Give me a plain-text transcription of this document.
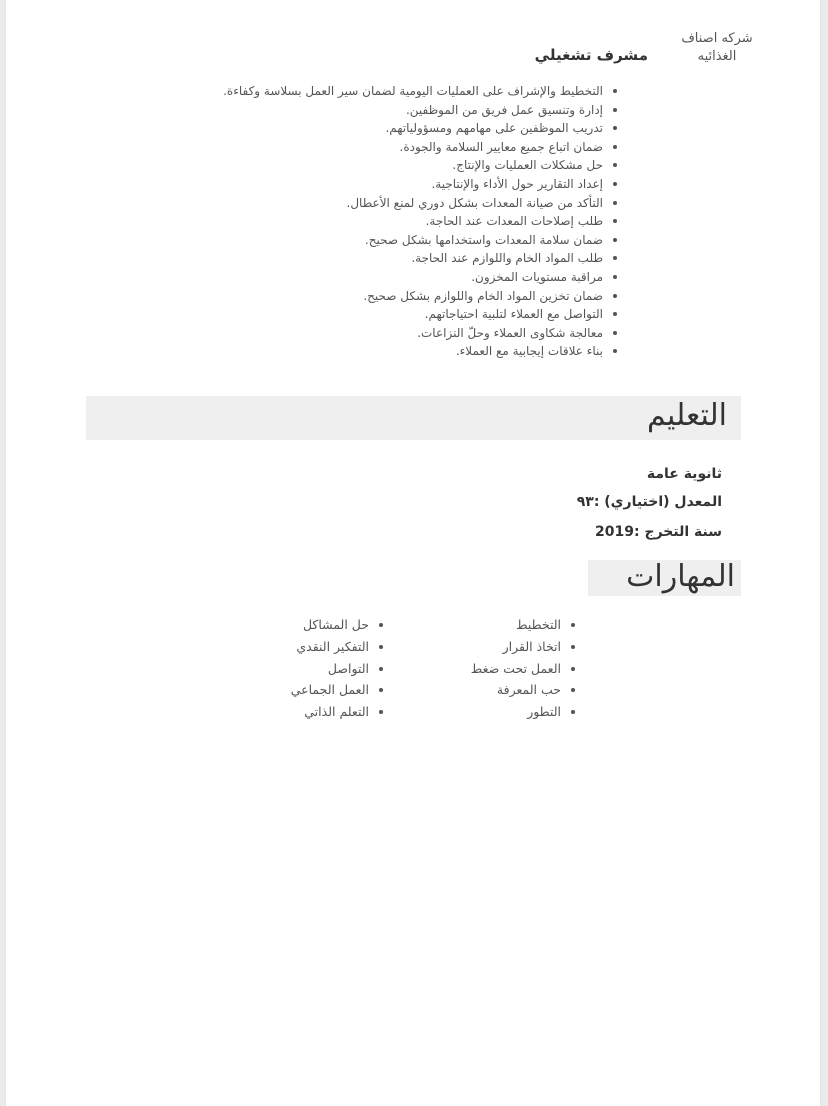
شركه اصناف الغذائيه
مشرف تشغيلي
التخطيط والإشراف على العمليات اليومية لضمان سير العمل بسلاسة وكفاءة.
إدارة وتنسيق عمل فريق من الموظفين.
تدريب الموظفين على مهامهم ومسؤولياتهم.
ضمان اتباع جميع معايير السلامة والجودة.
حل مشكلات العمليات والإنتاج.
إعداد التقارير حول الأداء والإنتاجية.
التأكد من صيانة المعدات بشكل دوري لمنع الأعطال.
طلب إصلاحات المعدات عند الحاجة.
ضمان سلامة المعدات واستخدامها بشكل صحيح.
طلب المواد الخام واللوازم عند الحاجة.
مراقبة مستويات المخزون.
ضمان تخزين المواد الخام واللوازم بشكل صحيح.
التواصل مع العملاء لتلبية احتياجاتهم.
معالجة شكاوى العملاء وحلّ النزاعات.
بناء علاقات إيجابية مع العملاء.
التعليم
ثانوية عامة
المعدل (اختياري) :٩٣
سنة التخرج :2019
المهارات
التخطيط
اتخاذ القرار
العمل تحت ضغط
حب المعرفة
التطور
حل المشاكل
التفكير النقدي
التواصل
العمل الجماعي
التعلم الذاتي
